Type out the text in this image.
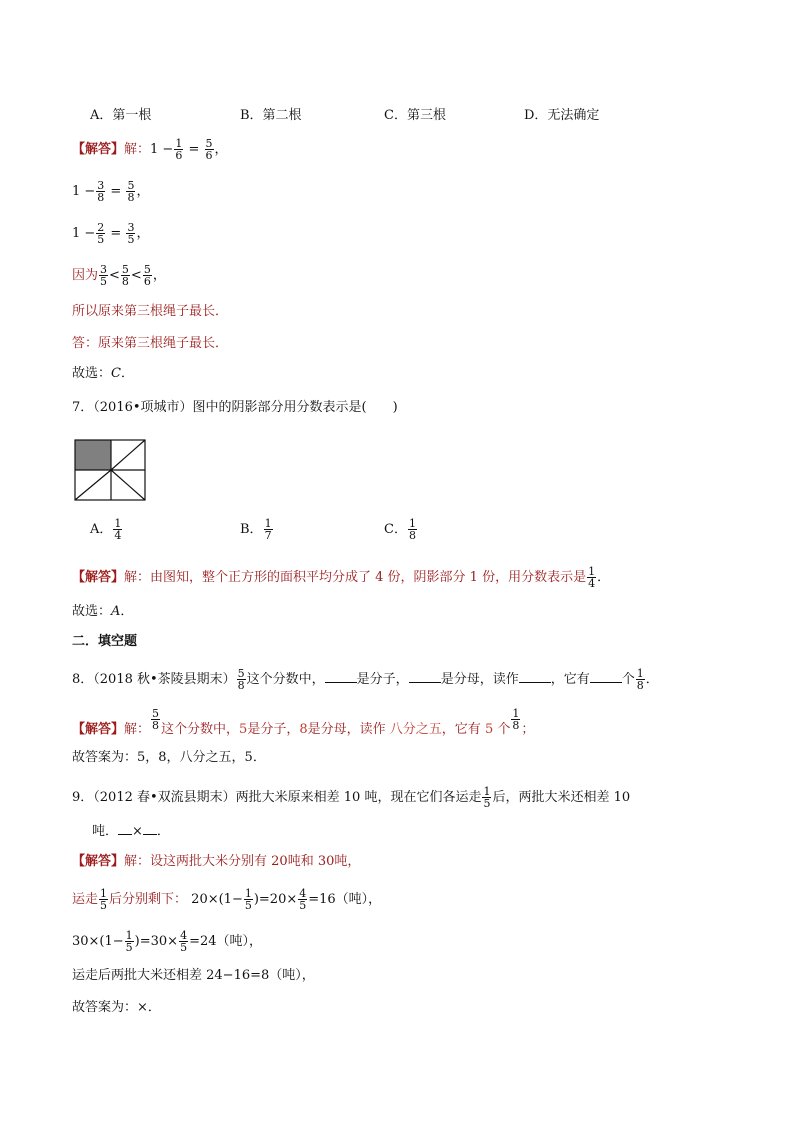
A．第一根	B．第二根	C．第三根	D．无法确定
【解答】解：$1 - \frac{1}{6} = \frac{5}{6}$ ，
$1 - \frac{3}{8} = \frac{5}{8}$ ，
$1 - \frac{2}{5} = \frac{3}{5}$ ，
因为 $\frac{3}{5} < \frac{5}{8} < \frac{5}{6}$ ，
所以原来第三根绳子最长．
答：原来第三根绳子最长．
故选：C．
7．（2016•项城市）图中的阴影部分用分数表示是(　　)
A． $\frac{1}{4}$	B． $\frac{1}{7}$	C． $\frac{1}{8}$
【解答】解：由图知，整个正方形的面积平均分成了 4 份，阴影部分 1 份，用分数表示是 $\frac{1}{4}$ ．
故选：A．
二．填空题
8．（2018 秋•茶陵县期末） $\frac{5}{8}$ 这个分数中， 是分子， 是分母，读作 ，它有 个 $\frac{1}{8}$ ．
【解答】解： $\frac{5}{8}$ 这个分数中，5是分子，8是分母，读作 八分之五，它有 5 个 $\frac{1}{8}$ ；
故答案为：5，8，八分之五，5．
9．（2012 春•双流县期末）两批大米原来相差 10 吨，现在它们各运走 $\frac{1}{5}$ 后，两批大米还相差 10
吨． × ．
【解答】解：设这两批大米分别有 20吨和 30吨，
运走 $\frac{1}{5}$ 后分别剩下： $20\times(1- \frac{1}{5} )=20\times \frac{4}{5} =16$（吨），
$30\times(1- \frac{1}{5} )=30\times \frac{4}{5} =24$（吨），
运走后两批大米还相差 24−16=8（吨），
故答案为：×．
